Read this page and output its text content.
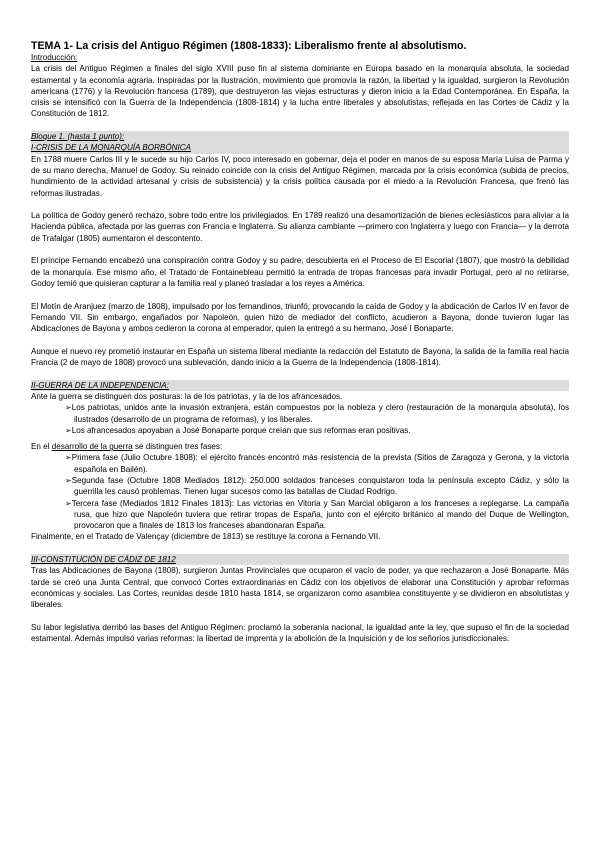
TEMA 1- La crisis del Antiguo Régimen (1808-1833): Liberalismo frente al absolutismo.

Introducción:

La crisis del Antiguo Régimen a finales del siglo XVIII puso fin al sistema dominante en Europa basado en la monarquía absoluta, la sociedad estamental y la economía agraria. Inspiradas por la Ilustración, movimiento que promovía la razón, la libertad y la igualdad, surgieron la Revolución americana (1776) y la Revolución francesa (1789), que destruyeron las viejas estructuras y dieron inicio a la Edad Contemporánea. En España, la crisis se intensificó con la Guerra de la Independencia (1808-1814) y la lucha entre liberales y absolutistas, reflejada en las Cortes de Cádiz y la Constitución de 1812.

Bloque 1. (hasta 1 punto):

I-CRISIS DE LA MONARQUÍA BORBÓNICA

En 1788 muere Carlos III y le sucede su hijo Carlos IV, poco interesado en gobernar, deja el poder en manos de su esposa María Luisa de Parma y de su mano derecha, Manuel de Godoy. Su reinado coincide con la crisis del Antiguo Régimen, marcada por la crisis económica (subida de precios, hundimiento de la actividad artesanal y crisis de subsistencia) y la crisis política causada por el miedo a la Revolución Francesa, que frenó las reformas ilustradas.

La política de Godoy generó rechazo, sobre todo entre los privilegiados. En 1789 realizó una desamortización de bienes eclesiásticos para aliviar a la Hacienda pública, afectada por las guerras con Francia e Inglaterra. Su alianza cambiante —primero con Inglaterra y luego con Francia— y la derrota de Trafalgar (1805) aumentaron el descontento.

El príncipe Fernando encabezó una conspiración contra Godoy y su padre, descubierta en el Proceso de El Escorial (1807), que mostró la debilidad de la monarquía. Ese mismo año, el Tratado de Fontainebleau permitió la entrada de tropas francesas para invadir Portugal, pero al no retirarse, Godoy temió que quisieran capturar a la familia real y planeó trasladar a los reyes a América.

El Motín de Aranjuez (marzo de 1808), impulsado por los fernandinos, triunfó, provocando la caída de Godoy y la abdicación de Carlos IV en favor de Fernando VII. Sin embargo, engañados por Napoleón, quien hizo de mediador del conflicto, acudieron a Bayona, donde tuvieron lugar las Abdicaciones de Bayona y ambos cedieron la corona al emperador, quien la entregó a su hermano, José I Bonaparte.

Aunque el nuevo rey prometió instaurar en España un sistema liberal mediante la redacción del Estatuto de Bayona, la salida de la familia real hacia Francia (2 de mayo de 1808) provocó una sublevación, dando inicio a la Guerra de la Independencia (1808-1814).

II-GUERRA DE LA INDEPENDENCIA:

Ante la guerra se distinguen dos posturas: la de los patriotas, y la de los afrancesados.

➢Los patriotas, unidos ante la invasión extranjera, están compuestos por la nobleza y clero (restauración de la monarquía absoluta), los ilustrados (desarrollo de un programa de reformas), y los liberales.

➢Los afrancesados apoyaban a José Bonaparte porque creían que sus reformas eran positivas.

En el desarrollo de la guerra se distinguen tres fases:

➢Primera fase (Julio Octubre 1808): el ejército francés encontró más resistencia de la prevista (Sitios de Zaragoza y Gerona, y la victoria española en Bailén).

➢Segunda fase (Octubre 1808 Mediados 1812): 250.000 soldados franceses conquistaron toda la península excepto Cádiz, y sólo la guerrilla les causó problemas. Tienen lugar sucesos como las batallas de Ciudad Rodrigo.

➢Tercera fase (Mediados 1812 Finales 1813): Las victorias en Vitoria y San Marcial obligaron a los franceses a replegarse. La campaña rusa, que hizo que Napoleón tuviera que retirar tropas de España, junto con el ejército británico al mando del Duque de Wellington, provocaron que a finales de 1813 los franceses abandonaran España.

Finalmente, en el Tratado de Valençay (diciembre de 1813) se restituye la corona a Fernando VII.

III-CONSTITUCIÓN DE CÁDIZ DE 1812

Tras las Abdicaciones de Bayona (1808), surgieron Juntas Provinciales que ocuparon el vacío de poder, ya que rechazaron a José Bonaparte. Más tarde se creó una Junta Central, que convocó Cortes extraordinarias en Cádiz con los objetivos de elaborar una Constitución y aprobar reformas económicas y sociales. Las Cortes, reunidas desde 1810 hasta 1814, se organizaron como asamblea constituyente y se dividieron en absolutistas y liberales.

Su labor legislativa derribó las bases del Antiguo Régimen: proclamó la soberanía nacional, la igualdad ante la ley, que supuso el fin de la sociedad estamental. Además impulsó varias reformas: la libertad de imprenta y la abolición de la Inquisición y de los señoríos jurisdiccionales.
